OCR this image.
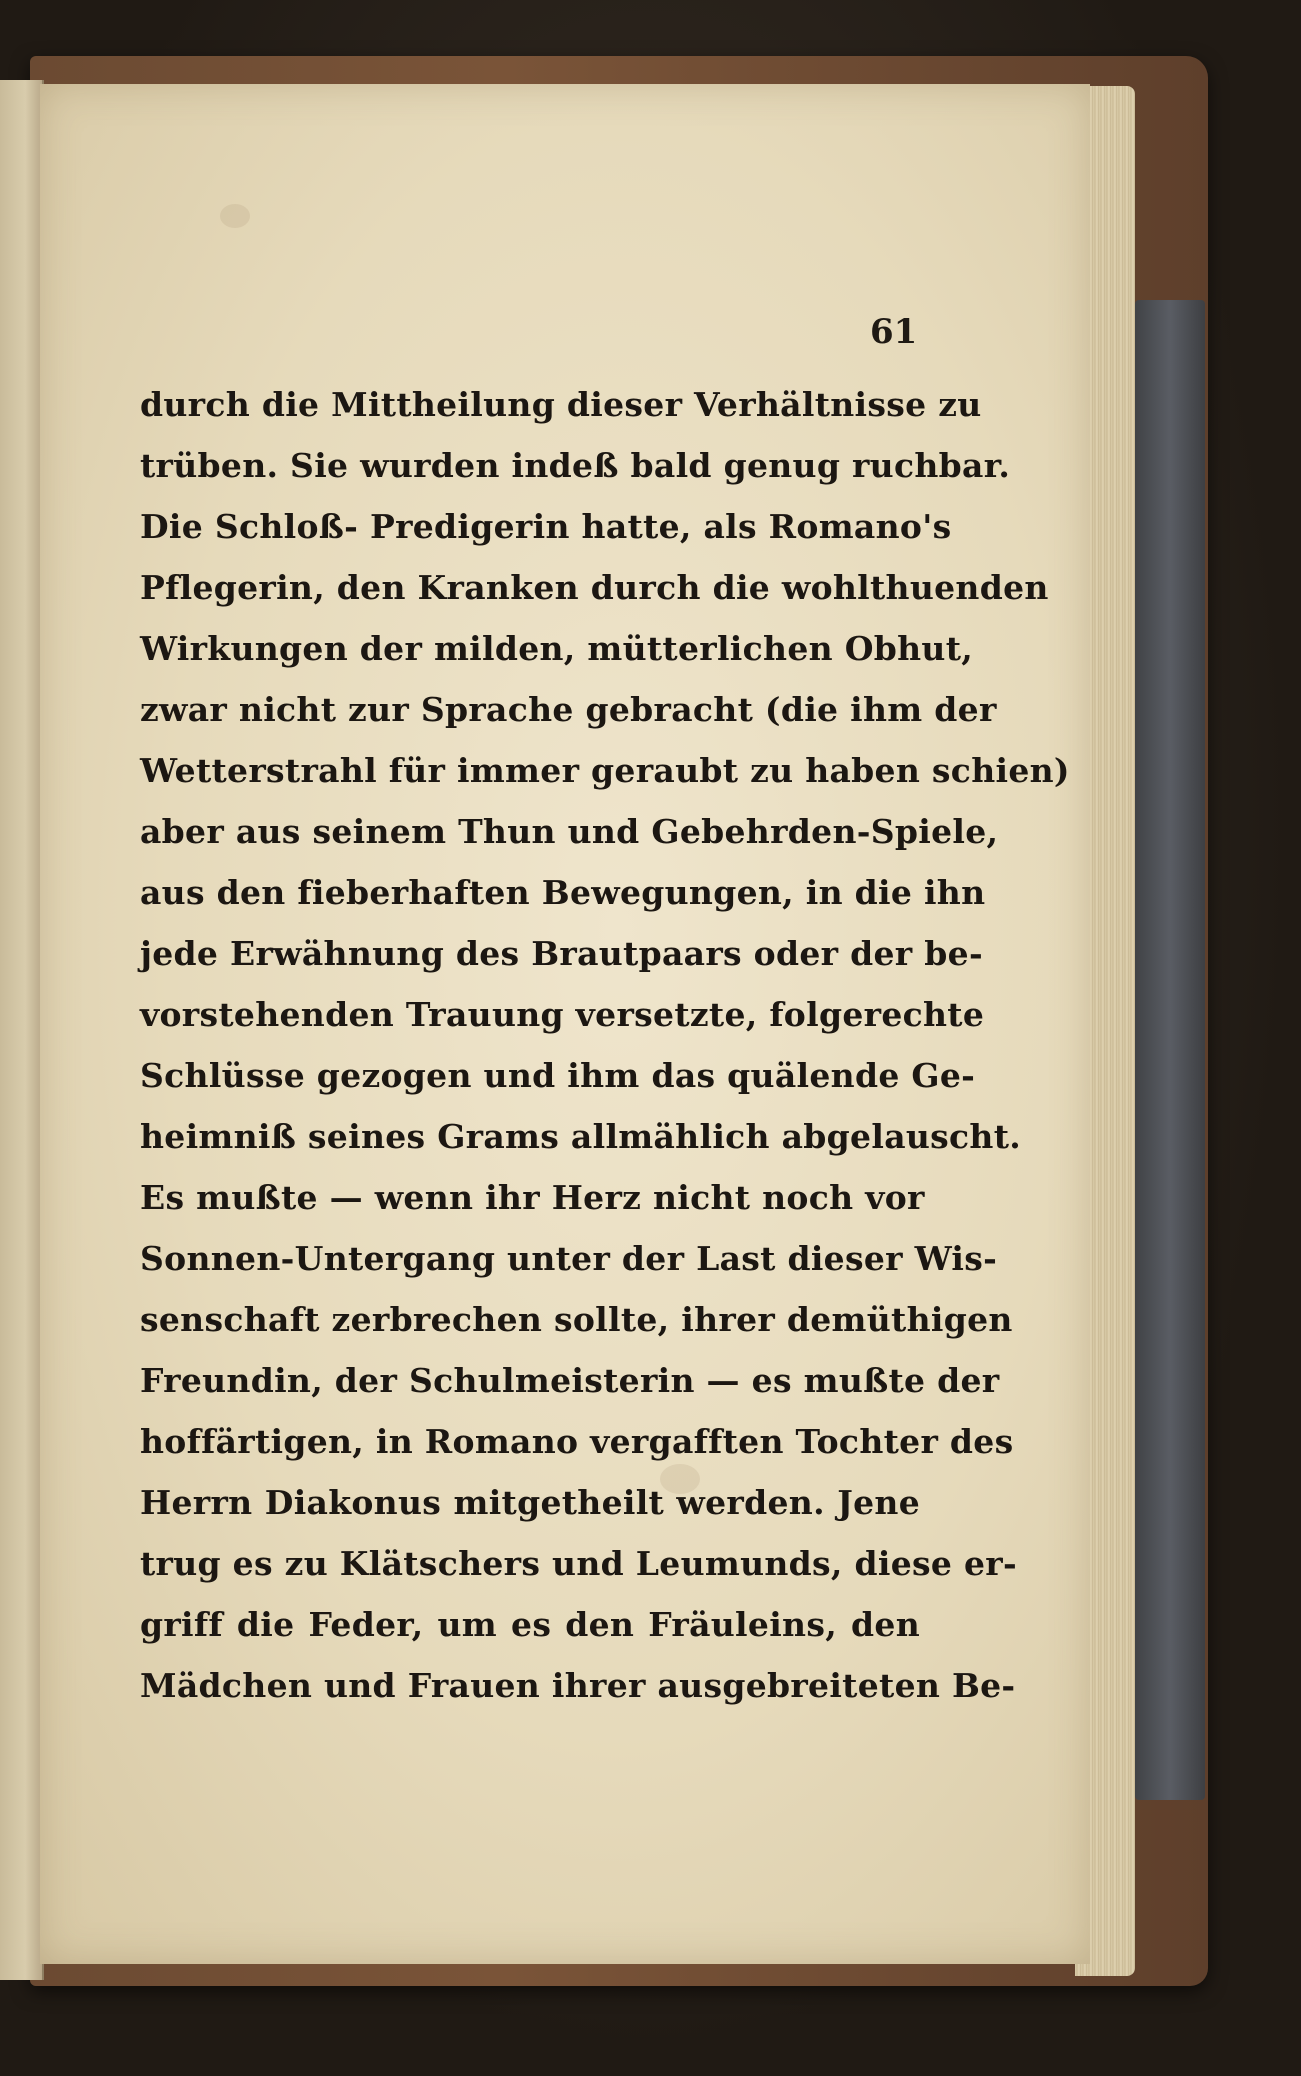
61
durch die Mittheilung dieser Verhältnisse zu
trüben. Sie wurden indeß bald genug ruchbar.
Die Schloß- Predigerin hatte, als Romano's
Pflegerin, den Kranken durch die wohlthuenden
Wirkungen der milden, mütterlichen Obhut,
zwar nicht zur Sprache gebracht (die ihm der
Wetterstrahl für immer geraubt zu haben schien)
aber aus seinem Thun und Gebehrden-Spiele,
aus den fieberhaften Bewegungen, in die ihn
jede Erwähnung des Brautpaars oder der be-
vorstehenden Trauung versetzte, folgerechte
Schlüsse gezogen und ihm das quälende Ge-
heimniß seines Grams allmählich abgelauscht.
Es mußte — wenn ihr Herz nicht noch vor
Sonnen-Untergang unter der Last dieser Wis-
senschaft zerbrechen sollte, ihrer demüthigen
Freundin, der Schulmeisterin — es mußte der
hoffärtigen, in Romano vergafften Tochter des
Herrn Diakonus mitgetheilt werden. Jene
trug es zu Klätschers und Leumunds, diese er-
griff die Feder, um es den Fräuleins, den
Mädchen und Frauen ihrer ausgebreiteten Be-
